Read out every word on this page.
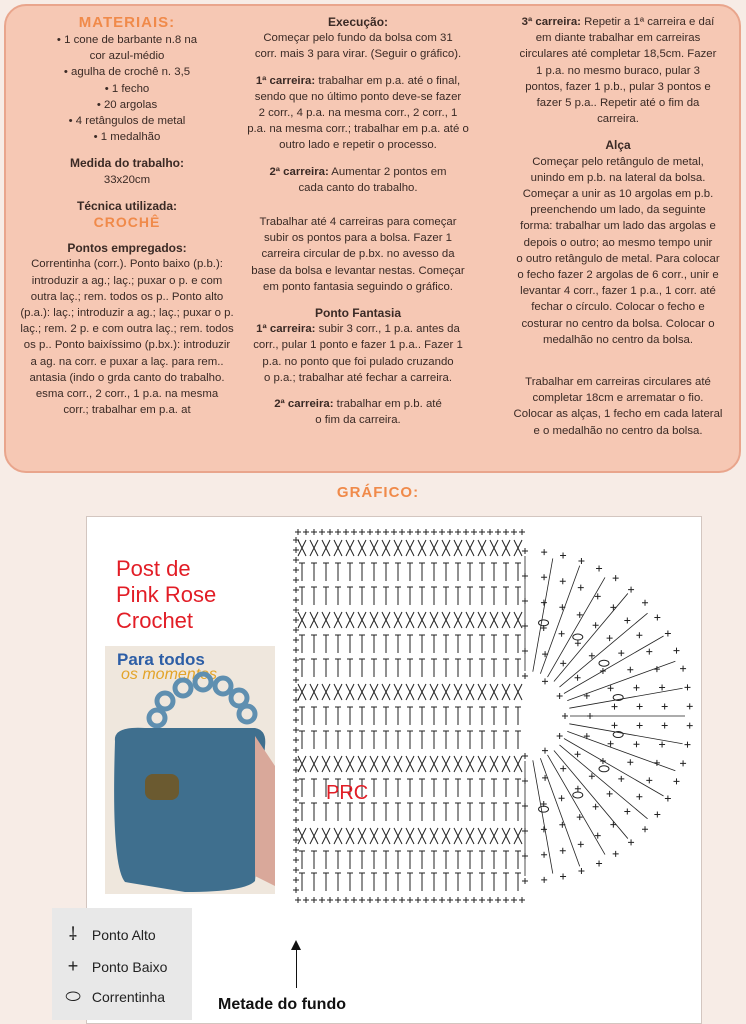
MATERIAIS:
• 1 cone de barbante n.8 na
cor azul-médio
• agulha de crochê n. 3,5
• 1 fecho
• 20 argolas
• 4 retângulos de metal
• 1 medalhão
Medida do trabalho:
33x20cm
Técnica utilizada:
CROCHÊ
Pontos empregados:
Correntinha (corr.). Ponto baixo (p.b.):
introduzir a ag.; laç.; puxar o p. e com
outra laç.; rem. todos os p.. Ponto alto
(p.a.): laç.; introduzir a ag.; laç.; puxar o p.
laç.; rem. 2 p. e com outra laç.; rem. todos
os p.. Ponto baixíssimo (p.bx.): introduzir
a ag. na corr. e puxar a laç. para rem..
antasia (indo o grda canto do trabalho.
esma corr., 2 corr., 1 p.a. na mesma
corr.; trabalhar em p.a. at
Execução:
Começar pelo fundo da bolsa com 31
corr. mais 3 para virar. (Seguir o gráfico).
1ª carreira: trabalhar em p.a. até o final,
sendo que no último ponto deve-se fazer
2 corr., 4 p.a. na mesma corr., 2 corr., 1
p.a. na mesma corr.; trabalhar em p.a. até o
outro lado e repetir o processo.
2ª carreira: Aumentar 2 pontos em
cada canto do trabalho.
Trabalhar até 4 carreiras para começar
subir os pontos para a bolsa. Fazer 1
carreira circular de p.bx. no avesso da
base da bolsa e levantar nestas. Começar
em ponto fantasia seguindo o gráfico.
Ponto Fantasia
1ª carreira: subir 3 corr., 1 p.a. antes da
corr., pular 1 ponto e fazer 1 p.a.. Fazer 1
p.a. no ponto que foi pulado cruzando
o p.a.; trabalhar até fechar a carreira.
2ª carreira: trabalhar em p.b. até
o fim da carreira.
3ª carreira: Repetir a 1ª carreira e daí
em diante trabalhar em carreiras
circulares até completar 18,5cm. Fazer
1 p.a. no mesmo buraco, pular 3
pontos, fazer 1 p.b., pular 3 pontos e
fazer 5 p.a.. Repetir até o fim da
carreira.
Alça
Começar pelo retângulo de metal,
unindo em p.b. na lateral da bolsa.
Começar a unir as 10 argolas em p.b.
preenchendo um lado, da seguinte
forma: trabalhar um lado das argolas e
depois o outro; ao mesmo tempo unir
o outro retângulo de metal. Para colocar
o fecho fazer 2 argolas de 6 corr., unir e
levantar 4 corr., fazer 1 p.a., 1 corr. até
fechar o círculo. Colocar o fecho e
costurar no centro da bolsa. Colocar o
medalhão no centro da bolsa.
Trabalhar em carreiras circulares até
completar 18cm e arrematar o fio.
Colocar as alças, 1 fecho em cada lateral
e o medalhão no centro da bolsa.
GRÁFICO:
Post de
Pink Rose
Crochet
Para todos
os momentos
PRC
⸸ Ponto Alto
+ Ponto Baixo
⬭ Correntinha	Metade do fundo
